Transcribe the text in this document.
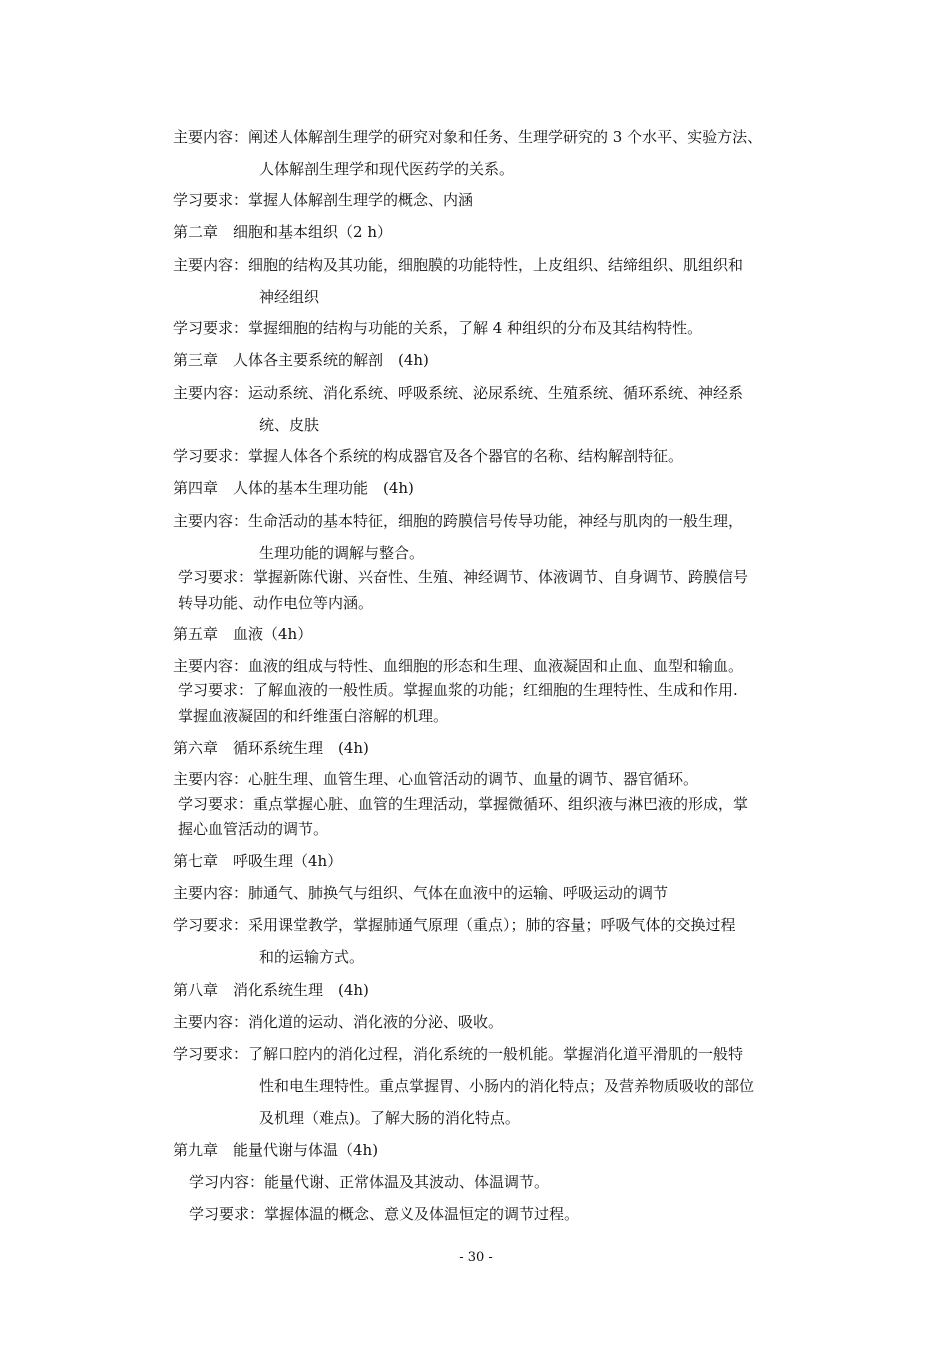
主要内容：阐述人体解剖生理学的研究对象和任务、生理学研究的 3 个水平、实验方法、
人体解剖生理学和现代医药学的关系。
学习要求：掌握人体解剖生理学的概念、内涵
第二章　细胞和基本组织（2 h）
主要内容：细胞的结构及其功能，细胞膜的功能特性，上皮组织、结缔组织、肌组织和
神经组织
学习要求：掌握细胞的结构与功能的关系，了解 4 种组织的分布及其结构特性。
第三章　人体各主要系统的解剖　(4h)
主要内容：运动系统、消化系统、呼吸系统、泌尿系统、生殖系统、循环系统、神经系
统、皮肤
学习要求：掌握人体各个系统的构成器官及各个器官的名称、结构解剖特征。
第四章　人体的基本生理功能　(4h)
主要内容：生命活动的基本特征，细胞的跨膜信号传导功能，神经与肌肉的一般生理，
生理功能的调解与整合。
学习要求：掌握新陈代谢、兴奋性、生殖、神经调节、体液调节、自身调节、跨膜信号
转导功能、动作电位等内涵。
第五章　血液（4h）
主要内容：血液的组成与特性、血细胞的形态和生理、血液凝固和止血、血型和输血。
学习要求：了解血液的一般性质。掌握血浆的功能；红细胞的生理特性、生成和作用.
掌握血液凝固的和纤维蛋白溶解的机理。
第六章　循环系统生理　(4h)
主要内容：心脏生理、血管生理、心血管活动的调节、血量的调节、器官循环。
学习要求：重点掌握心脏、血管的生理活动，掌握微循环、组织液与淋巴液的形成，掌
握心血管活动的调节。
第七章　呼吸生理（4h）
主要内容：肺通气、肺换气与组织、气体在血液中的运输、呼吸运动的调节
学习要求：采用课堂教学，掌握肺通气原理（重点）；肺的容量；呼吸气体的交换过程
和的运输方式。
第八章　消化系统生理　(4h)
主要内容：消化道的运动、消化液的分泌、吸收。
学习要求：了解口腔内的消化过程，消化系统的一般机能。掌握消化道平滑肌的一般特
性和电生理特性。重点掌握胃、小肠内的消化特点；及营养物质吸收的部位
及机理（难点)。了解大肠的消化特点。
第九章　能量代谢与体温（4h)
学习内容：能量代谢、正常体温及其波动、体温调节。
学习要求：掌握体温的概念、意义及体温恒定的调节过程。
- 30 -
